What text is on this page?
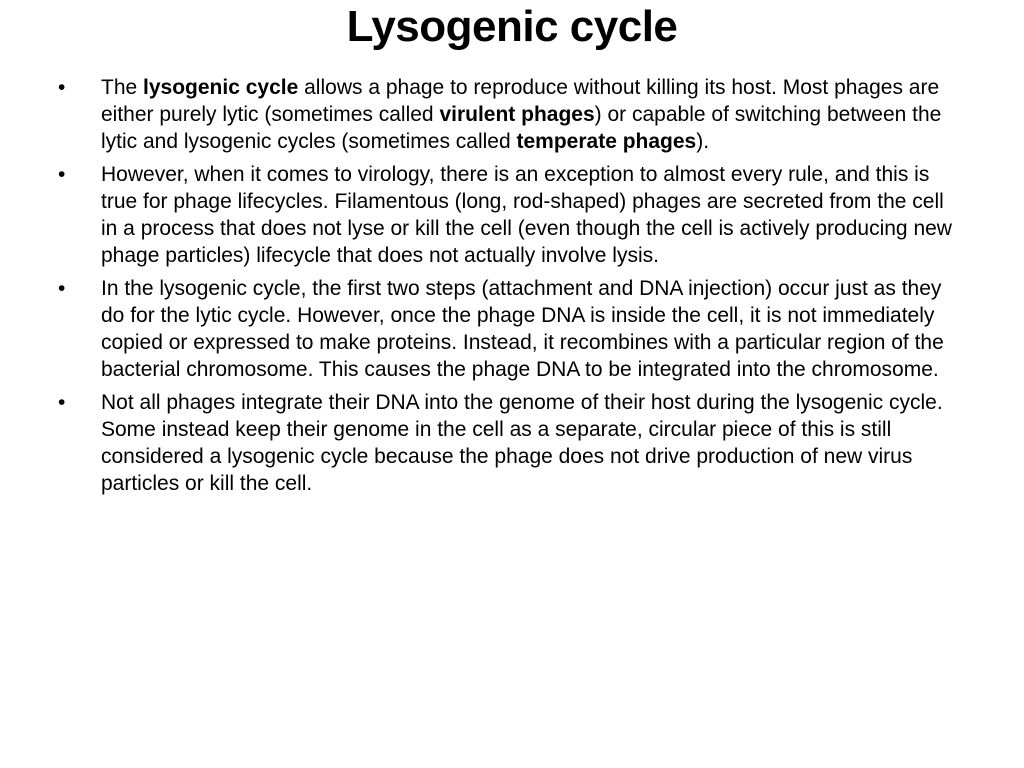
Lysogenic cycle
• The lysogenic cycle allows a phage to reproduce without killing its host. Most phages are either purely lytic (sometimes called virulent phages) or capable of switching between the lytic and lysogenic cycles (sometimes called temperate phages).
• However, when it comes to virology, there is an exception to almost every rule, and this is true for phage lifecycles. Filamentous (long, rod-shaped) phages are secreted from the cell in a process that does not lyse or kill the cell (even though the cell is actively producing new phage particles) lifecycle that does not actually involve lysis.
• In the lysogenic cycle, the first two steps (attachment and DNA injection) occur just as they do for the lytic cycle. However, once the phage DNA is inside the cell, it is not immediately copied or expressed to make proteins. Instead, it recombines with a particular region of the bacterial chromosome. This causes the phage DNA to be integrated into the chromosome.
• Not all phages integrate their DNA into the genome of their host during the lysogenic cycle. Some instead keep their genome in the cell as a separate, circular piece of this is still considered a lysogenic cycle because the phage does not drive production of new virus particles or kill the cell.
